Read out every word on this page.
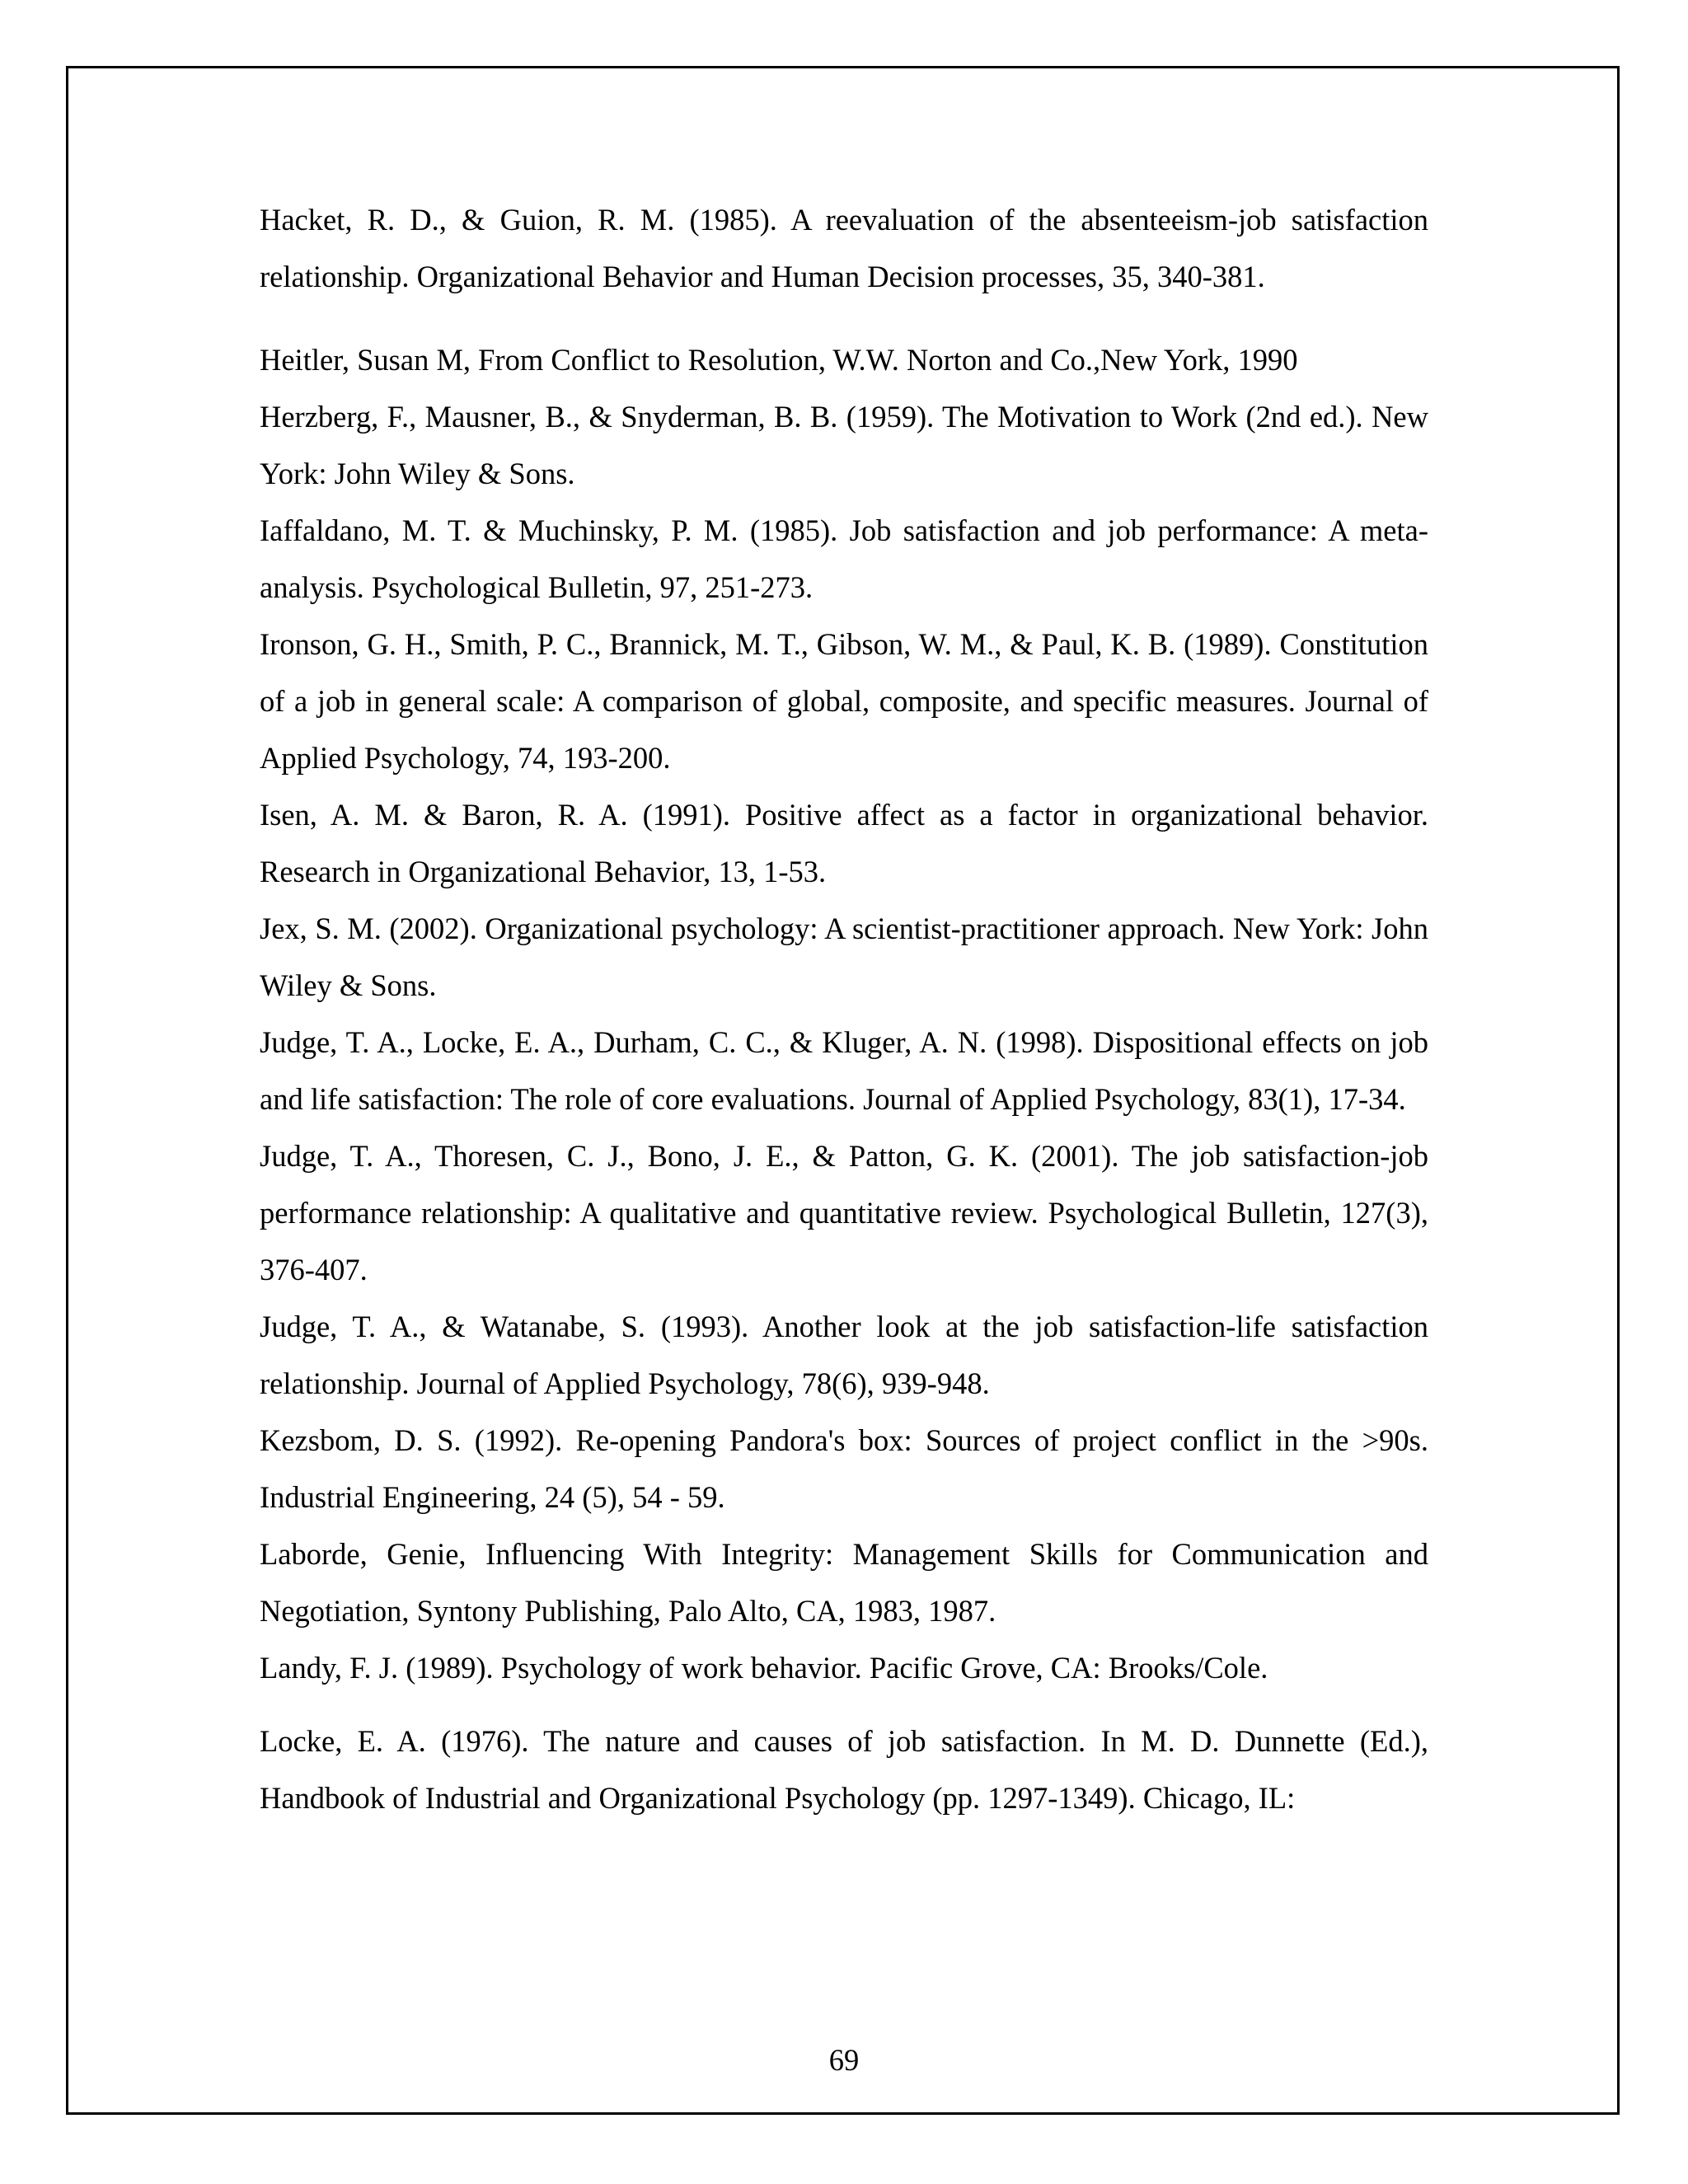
Hacket, R. D., & Guion, R. M. (1985). A reevaluation of the absenteeism-job satisfaction relationship. Organizational Behavior and Human Decision processes, 35, 340-381.

Heitler, Susan M, From Conflict to Resolution, W.W. Norton and Co.,New York, 1990

Herzberg, F., Mausner, B., & Snyderman, B. B. (1959). The Motivation to Work (2nd ed.). New York: John Wiley & Sons.

Iaffaldano, M. T. & Muchinsky, P. M. (1985). Job satisfaction and job performance: A meta-analysis. Psychological Bulletin, 97, 251-273.

Ironson, G. H., Smith, P. C., Brannick, M. T., Gibson, W. M., & Paul, K. B. (1989). Constitution of a job in general scale: A comparison of global, composite, and specific measures. Journal of Applied Psychology, 74, 193-200.

Isen, A. M. & Baron, R. A. (1991). Positive affect as a factor in organizational behavior. Research in Organizational Behavior, 13, 1-53.

Jex, S. M. (2002). Organizational psychology: A scientist-practitioner approach. New York: John Wiley & Sons.

Judge, T. A., Locke, E. A., Durham, C. C., & Kluger, A. N. (1998). Dispositional effects on job and life satisfaction: The role of core evaluations. Journal of Applied Psychology, 83(1), 17-34.

Judge, T. A., Thoresen, C. J., Bono, J. E., & Patton, G. K. (2001). The job satisfaction-job performance relationship: A qualitative and quantitative review. Psychological Bulletin, 127(3), 376-407.

Judge, T. A., & Watanabe, S. (1993). Another look at the job satisfaction-life satisfaction relationship. Journal of Applied Psychology, 78(6), 939-948.

Kezsbom, D. S. (1992). Re-opening Pandora's box: Sources of project conflict in the >90s. Industrial Engineering, 24 (5), 54 - 59.

Laborde, Genie, Influencing With Integrity: Management Skills for Communication and Negotiation, Syntony Publishing, Palo Alto, CA, 1983, 1987.

Landy, F. J. (1989). Psychology of work behavior. Pacific Grove, CA: Brooks/Cole.

Locke, E. A. (1976). The nature and causes of job satisfaction. In M. D. Dunnette (Ed.), Handbook of Industrial and Organizational Psychology (pp. 1297-1349). Chicago, IL:

69
